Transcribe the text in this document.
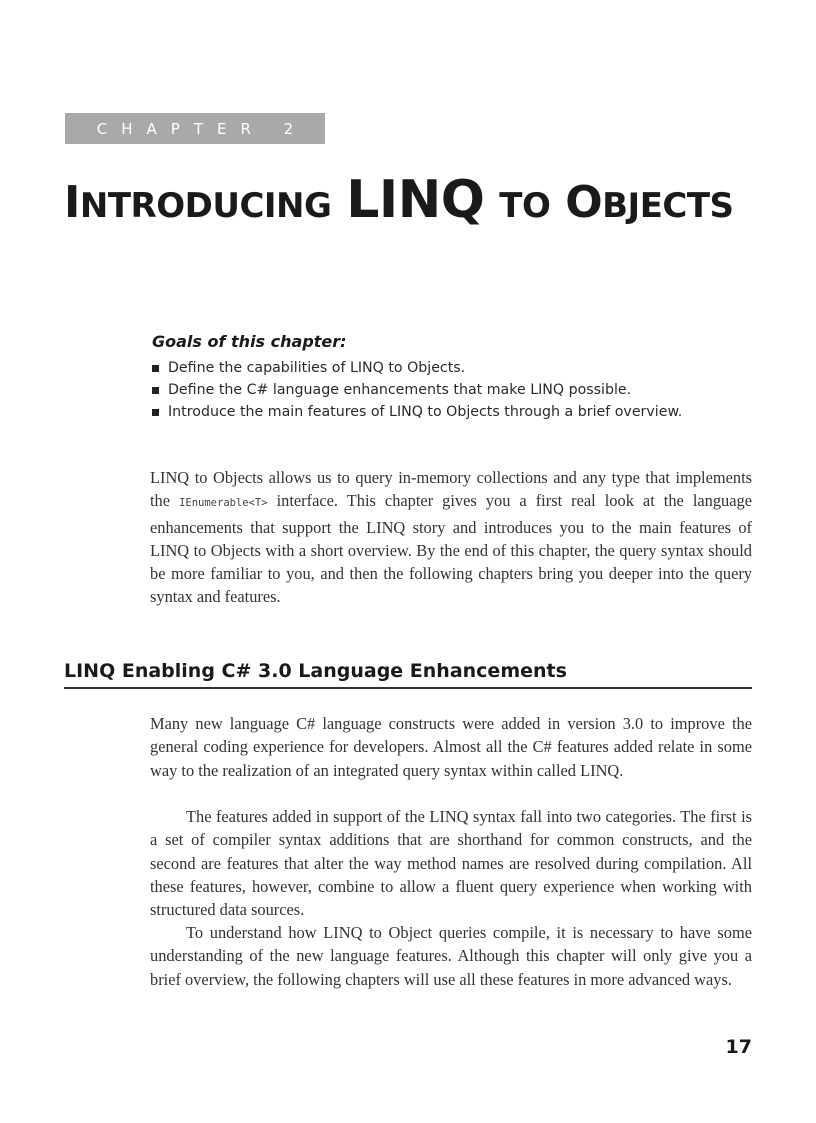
CHAPTER 2
INTRODUCING LINQ TO OBJECTS
Goals of this chapter:
Define the capabilities of LINQ to Objects.
Define the C# language enhancements that make LINQ possible.
Introduce the main features of LINQ to Objects through a brief overview.

LINQ to Objects allows us to query in-memory collections and any type that implements the IEnumerable<T> interface. This chapter gives you a first real look at the language enhancements that support the LINQ story and introduces you to the main features of LINQ to Objects with a short overview. By the end of this chapter, the query syntax should be more familiar to you, and then the following chapters bring you deeper into the query syntax and features.

LINQ Enabling C# 3.0 Language Enhancements

Many new language C# language constructs were added in version 3.0 to improve the general coding experience for developers. Almost all the C# features added relate in some way to the realization of an integrated query syntax within called LINQ.

The features added in support of the LINQ syntax fall into two categories. The first is a set of compiler syntax additions that are shorthand for common constructs, and the second are features that alter the way method names are resolved during compilation. All these features, however, combine to allow a fluent query experience when working with structured data sources.

To understand how LINQ to Object queries compile, it is necessary to have some understanding of the new language features. Although this chapter will only give you a brief overview, the following chapters will use all these features in more advanced ways.

17
